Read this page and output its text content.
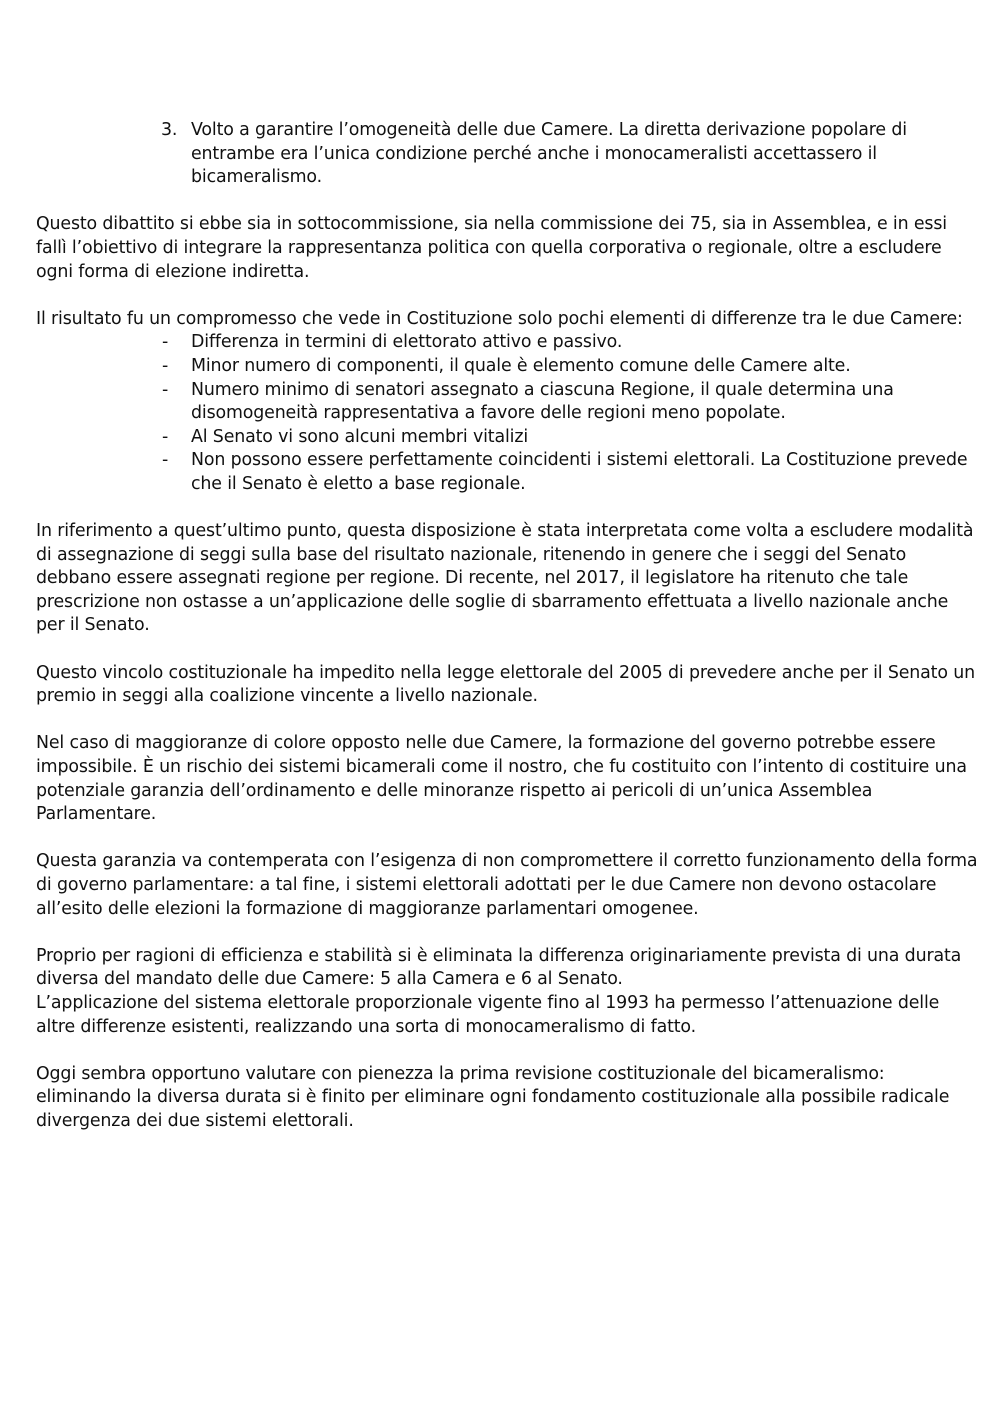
3. Volto a garantire l’omogeneità delle due Camere. La diretta derivazione popolare di entrambe era l’unica condizione perché anche i monocameralisti accettassero il bicameralismo.

Questo dibattito si ebbe sia in sottocommissione, sia nella commissione dei 75, sia in Assemblea, e in essi fallì l’obiettivo di integrare la rappresentanza politica con quella corporativa o regionale, oltre a escludere ogni forma di elezione indiretta.

Il risultato fu un compromesso che vede in Costituzione solo pochi elementi di differenze tra le due Camere:

- Differenza in termini di elettorato attivo e passivo.
- Minor numero di componenti, il quale è elemento comune delle Camere alte.
- Numero minimo di senatori assegnato a ciascuna Regione, il quale determina una disomogeneità rappresentativa a favore delle regioni meno popolate.
- Al Senato vi sono alcuni membri vitalizi
- Non possono essere perfettamente coincidenti i sistemi elettorali. La Costituzione prevede che il Senato è eletto a base regionale.

In riferimento a quest’ultimo punto, questa disposizione è stata interpretata come volta a escludere modalità di assegnazione di seggi sulla base del risultato nazionale, ritenendo in genere che i seggi del Senato debbano essere assegnati regione per regione. Di recente, nel 2017, il legislatore ha ritenuto che tale prescrizione non ostasse a un’applicazione delle soglie di sbarramento effettuata a livello nazionale anche per il Senato.

Questo vincolo costituzionale ha impedito nella legge elettorale del 2005 di prevedere anche per il Senato un premio in seggi alla coalizione vincente a livello nazionale.

Nel caso di maggioranze di colore opposto nelle due Camere, la formazione del governo potrebbe essere impossibile. È un rischio dei sistemi bicamerali come il nostro, che fu costituito con l’intento di costituire una potenziale garanzia dell’ordinamento e delle minoranze rispetto ai pericoli di un’unica Assemblea Parlamentare.

Questa garanzia va contemperata con l’esigenza di non compromettere il corretto funzionamento della forma di governo parlamentare: a tal fine, i sistemi elettorali adottati per le due Camere non devono ostacolare all’esito delle elezioni la formazione di maggioranze parlamentari omogenee.

Proprio per ragioni di efficienza e stabilità si è eliminata la differenza originariamente prevista di una durata diversa del mandato delle due Camere: 5 alla Camera e 6 al Senato.
L’applicazione del sistema elettorale proporzionale vigente fino al 1993 ha permesso l’attenuazione delle altre differenze esistenti, realizzando una sorta di monocameralismo di fatto.
Oggi sembra opportuno valutare con pienezza la prima revisione costituzionale del bicameralismo:
eliminando la diversa durata si è finito per eliminare ogni fondamento costituzionale alla possibile radicale divergenza dei due sistemi elettorali.
